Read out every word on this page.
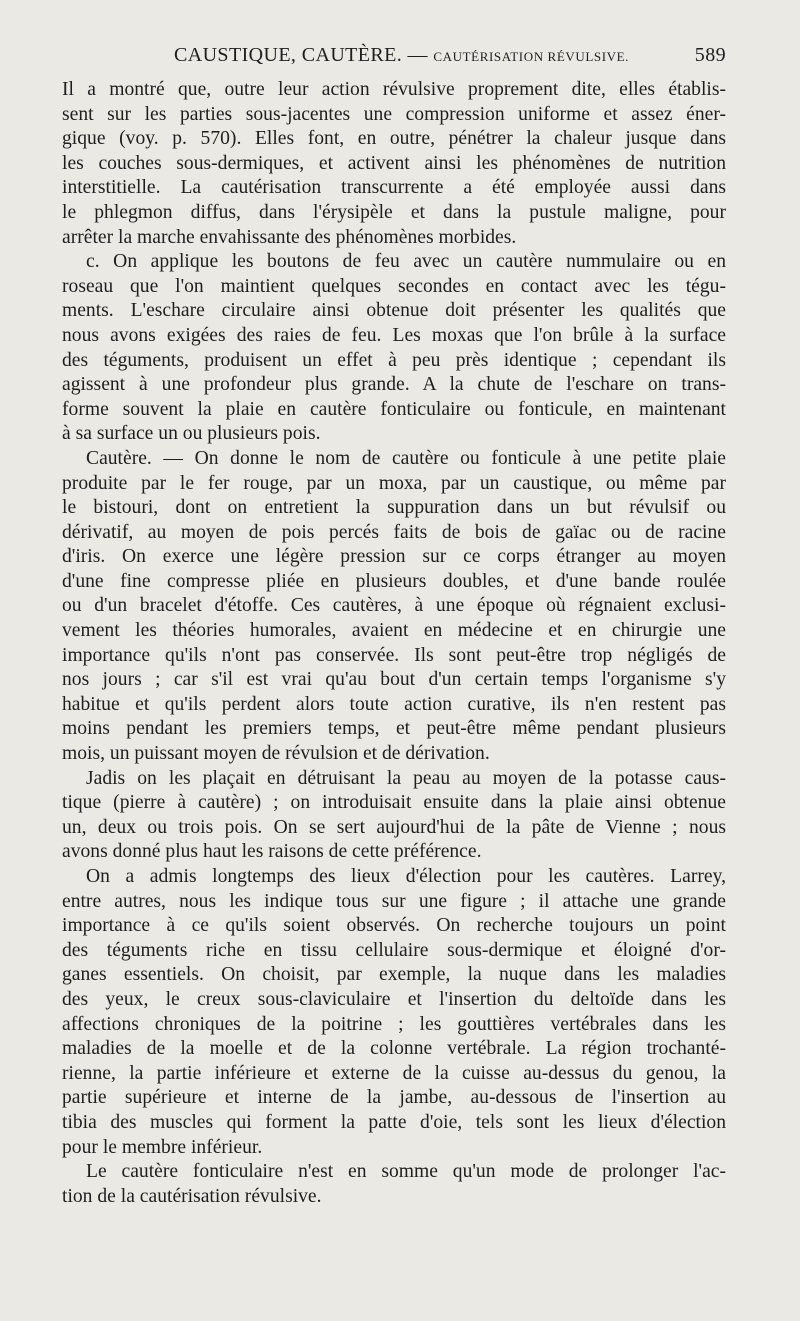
CAUSTIQUE, CAUTÈRE. — CAUTÉRISATION RÉVULSIVE.	589

Il a montré que, outre leur action révulsive proprement dite, elles établis-
sent sur les parties sous-jacentes une compression uniforme et assez éner-
gique (voy. p. 570). Elles font, en outre, pénétrer la chaleur jusque dans
les couches sous-dermiques, et activent ainsi les phénomènes de nutrition
interstitielle. La cautérisation transcurrente a été employée aussi dans
le phlegmon diffus, dans l'érysipèle et dans la pustule maligne, pour
arrêter la marche envahissante des phénomènes morbides.

c. On applique les boutons de feu avec un cautère nummulaire ou en
roseau que l'on maintient quelques secondes en contact avec les tégu-
ments. L'eschare circulaire ainsi obtenue doit présenter les qualités que
nous avons exigées des raies de feu. Les moxas que l'on brûle à la surface
des téguments, produisent un effet à peu près identique ; cependant ils
agissent à une profondeur plus grande. A la chute de l'eschare on trans-
forme souvent la plaie en cautère fonticulaire ou fonticule, en maintenant
à sa surface un ou plusieurs pois.

Cautère. — On donne le nom de cautère ou fonticule à une petite plaie
produite par le fer rouge, par un moxa, par un caustique, ou même par
le bistouri, dont on entretient la suppuration dans un but révulsif ou
dérivatif, au moyen de pois percés faits de bois de gaïac ou de racine
d'iris. On exerce une légère pression sur ce corps étranger au moyen
d'une fine compresse pliée en plusieurs doubles, et d'une bande roulée
ou d'un bracelet d'étoffe. Ces cautères, à une époque où régnaient exclusi-
vement les théories humorales, avaient en médecine et en chirurgie une
importance qu'ils n'ont pas conservée. Ils sont peut-être trop négligés de
nos jours ; car s'il est vrai qu'au bout d'un certain temps l'organisme s'y
habitue et qu'ils perdent alors toute action curative, ils n'en restent pas
moins pendant les premiers temps, et peut-être même pendant plusieurs
mois, un puissant moyen de révulsion et de dérivation.

Jadis on les plaçait en détruisant la peau au moyen de la potasse caus-
tique (pierre à cautère) ; on introduisait ensuite dans la plaie ainsi obtenue
un, deux ou trois pois. On se sert aujourd'hui de la pâte de Vienne ; nous
avons donné plus haut les raisons de cette préférence.

On a admis longtemps des lieux d'élection pour les cautères. Larrey,
entre autres, nous les indique tous sur une figure ; il attache une grande
importance à ce qu'ils soient observés. On recherche toujours un point
des téguments riche en tissu cellulaire sous-dermique et éloigné d'or-
ganes essentiels. On choisit, par exemple, la nuque dans les maladies
des yeux, le creux sous-claviculaire et l'insertion du deltoïde dans les
affections chroniques de la poitrine ; les gouttières vertébrales dans les
maladies de la moelle et de la colonne vertébrale. La région trochanté-
rienne, la partie inférieure et externe de la cuisse au-dessus du genou, la
partie supérieure et interne de la jambe, au-dessous de l'insertion au
tibia des muscles qui forment la patte d'oie, tels sont les lieux d'élection
pour le membre inférieur.

Le cautère fonticulaire n'est en somme qu'un mode de prolonger l'ac-
tion de la cautérisation révulsive.
